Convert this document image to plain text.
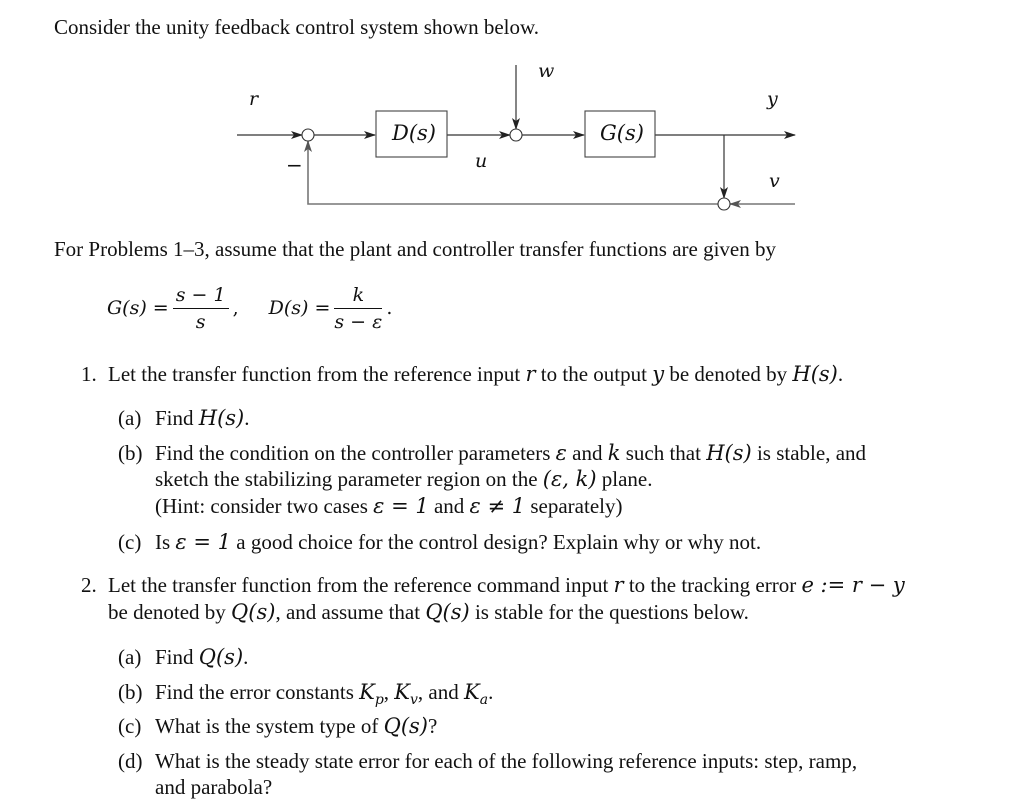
Consider the unity feedback control system shown below.
D(s)	G(s)
r
w
u
y
v
−
For Problems 1–3, assume that the plant and controller transfer functions are given by
$G(s) = \frac{s - 1}{s}$ , $D(s) = \frac{k}{s - \varepsilon}$ .
1. Let the transfer function from the reference input r to the output y be denoted by H(s).
(a) Find H(s).
(b) Find the condition on the controller parameters ε and k such that H(s) is stable, and
sketch the stabilizing parameter region on the (ε, k) plane.
(Hint: consider two cases ε = 1 and ε ≠ 1 separately)
(c) Is ε = 1 a good choice for the control design? Explain why or why not.
2. Let the transfer function from the reference command input r to the tracking error e := r − y
be denoted by Q(s), and assume that Q(s) is stable for the questions below.
(a) Find Q(s).
(b) Find the error constants $K_p$, $K_v$, and $K_a$.
(c) What is the system type of Q(s)?
(d) What is the steady state error for each of the following reference inputs: step, ramp,
and parabola?
